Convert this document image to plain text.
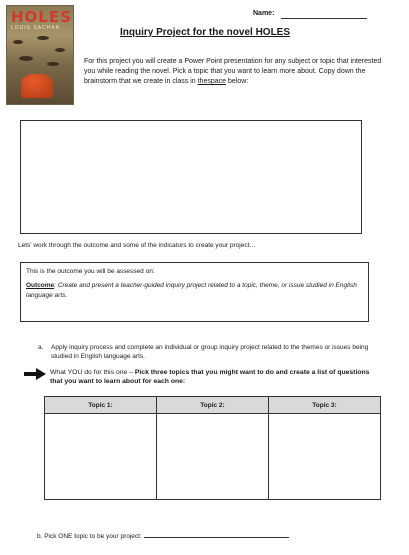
HOLES
LOUIS SACHAR
Name:
Inquiry Project for the novel HOLES
For this project you will create a Power Point presentation for any subject or topic that interested you while reading the novel. Pick a topic that you want to learn more about. Copy down the brainstorm that we create in class in thespace below:
Lets' work through the outcome and some of the indicators to create your project…
This is the outcome you will be assessed on:
Outcome: Create and present a teacher-guided inquiry project related to a topic, theme, or issue studied in English language arts.
a. Apply inquiry process and complete an individual or group inquiry project related to the themes or issues being studied in English language arts.
What YOU do for this one – Pick three topics that you might want to do and create a list of questions that you want to learn about for each one:
Topic 1:	Topic 2:	Topic 3:

b. Pick ONE topic to be your project:
